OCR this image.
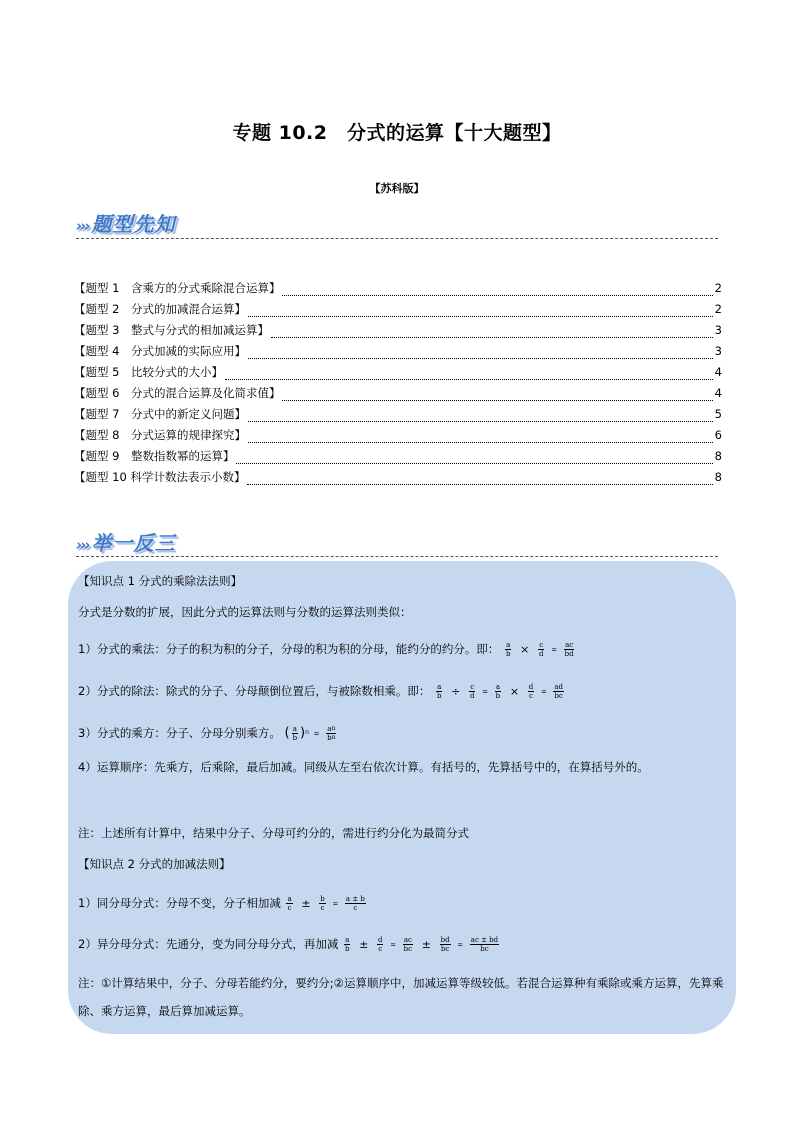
专题 10.2　分式的运算【十大题型】
【苏科版】
››› 题型先知
【题型 1　含乘方的分式乘除混合运算】	2
【题型 2　分式的加减混合运算】	2
【题型 3　整式与分式的相加减运算】	3
【题型 4　分式加减的实际应用】	3
【题型 5　比较分式的大小】	4
【题型 6　分式的混合运算及化简求值】	4
【题型 7　分式中的新定义问题】	5
【题型 8　分式运算的规律探究】	6
【题型 9　整数指数幂的运算】	8
【题型 10 科学计数法表示小数】	8
››› 举一反三
【知识点 1 分式的乘除法法则】
分式是分数的扩展，因此分式的运算法则与分数的运算法则类似：
1）分式的乘法：分子的积为积的分子，分母的积为积的分母，能约分的约分。即： $\frac{a}{b} \times \frac{c}{d} = \frac{ac}{bd}$
2）分式的除法：除式的分子、分母颠倒位置后，与被除数相乘。即： $\frac{a}{b} \div \frac{c}{d} = \frac{a}{b} \times \frac{d}{c} = \frac{ad}{bc}$
3）分式的乘方：分子、分母分别乘方。 ( $\frac{a}{b} )^n = \frac{an}{bn}$
4）运算顺序：先乘方，后乘除，最后加减。同级从左至右依次计算。有括号的，先算括号中的，在算括号外的。
注：上述所有计算中，结果中分子、分母可约分的，需进行约分化为最简分式
【知识点 2 分式的加减法则】
1）同分母分式：分母不变，分子相加减 $\frac{a}{c} \pm \frac{b}{c} = \frac{a \pm b}{c}$
2）异分母分式：先通分，变为同分母分式，再加减 $\frac{a}{b} \pm \frac{d}{c} = \frac{ac}{bc} \pm \frac{bd}{bc} = \frac{ac \pm bd}{bc}$
注：①计算结果中，分子、分母若能约分，要约分;②运算顺序中，加减运算等级较低。若混合运算种有乘除或乘方运算，先算乘除、乘方运算，最后算加减运算。
